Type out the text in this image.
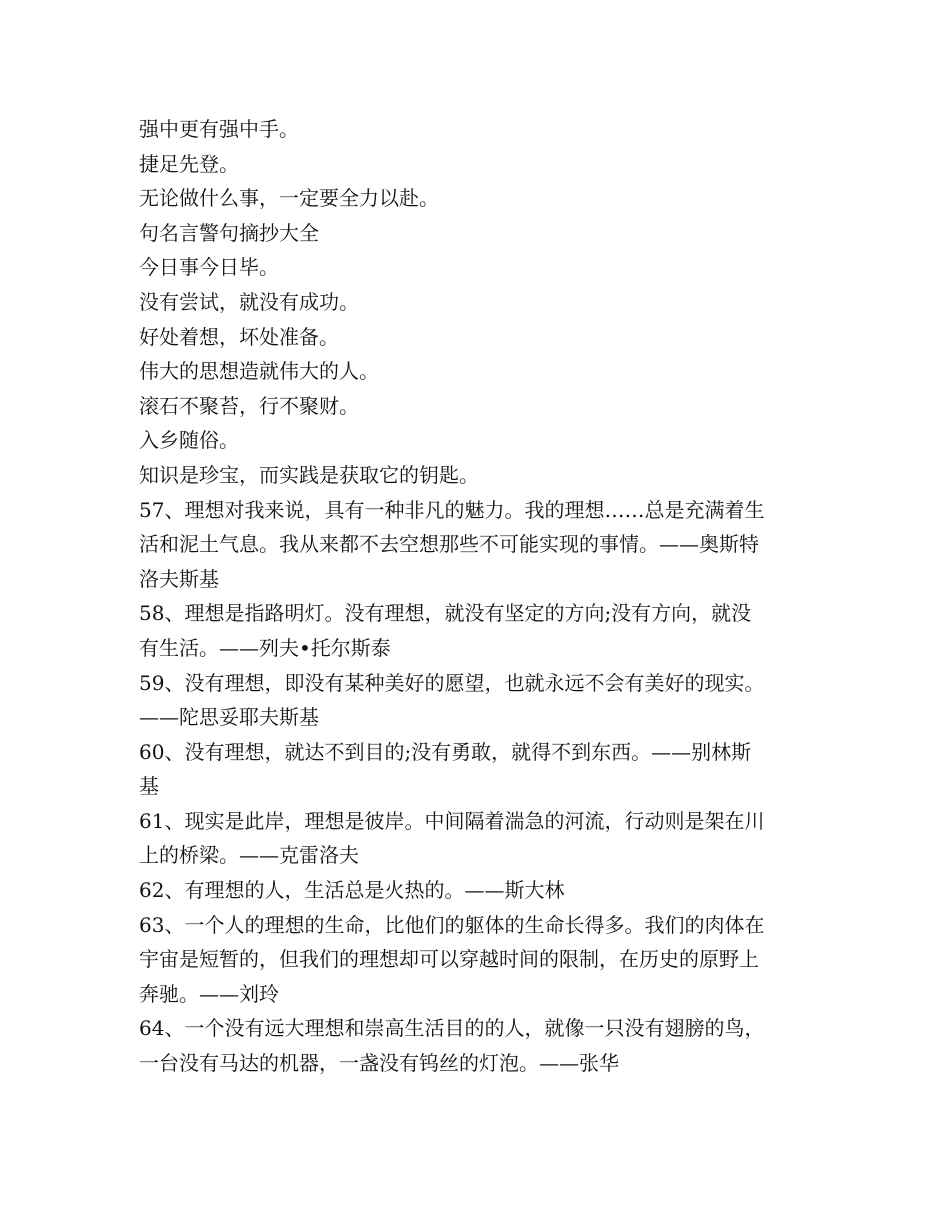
强中更有强中手。
捷足先登。
无论做什么事，一定要全力以赴。
句名言警句摘抄大全
今日事今日毕。
没有尝试，就没有成功。
好处着想，坏处准备。
伟大的思想造就伟大的人。
滚石不聚苔，行不聚财。
入乡随俗。
知识是珍宝，而实践是获取它的钥匙。
57、理想对我来说，具有一种非凡的魅力。我的理想……总是充满着生
活和泥土气息。我从来都不去空想那些不可能实现的事情。——奥斯特
洛夫斯基
58、理想是指路明灯。没有理想，就没有坚定的方向;没有方向，就没
有生活。——列夫•托尔斯泰
59、没有理想，即没有某种美好的愿望，也就永远不会有美好的现实。
——陀思妥耶夫斯基
60、没有理想，就达不到目的;没有勇敢，就得不到东西。——别林斯
基
61、现实是此岸，理想是彼岸。中间隔着湍急的河流，行动则是架在川
上的桥梁。——克雷洛夫
62、有理想的人，生活总是火热的。——斯大林
63、一个人的理想的生命，比他们的躯体的生命长得多。我们的肉体在
宇宙是短暂的，但我们的理想却可以穿越时间的限制，在历史的原野上
奔驰。——刘玲
64、一个没有远大理想和崇高生活目的的人，就像一只没有翅膀的鸟，
一台没有马达的机器，一盏没有钨丝的灯泡。——张华
